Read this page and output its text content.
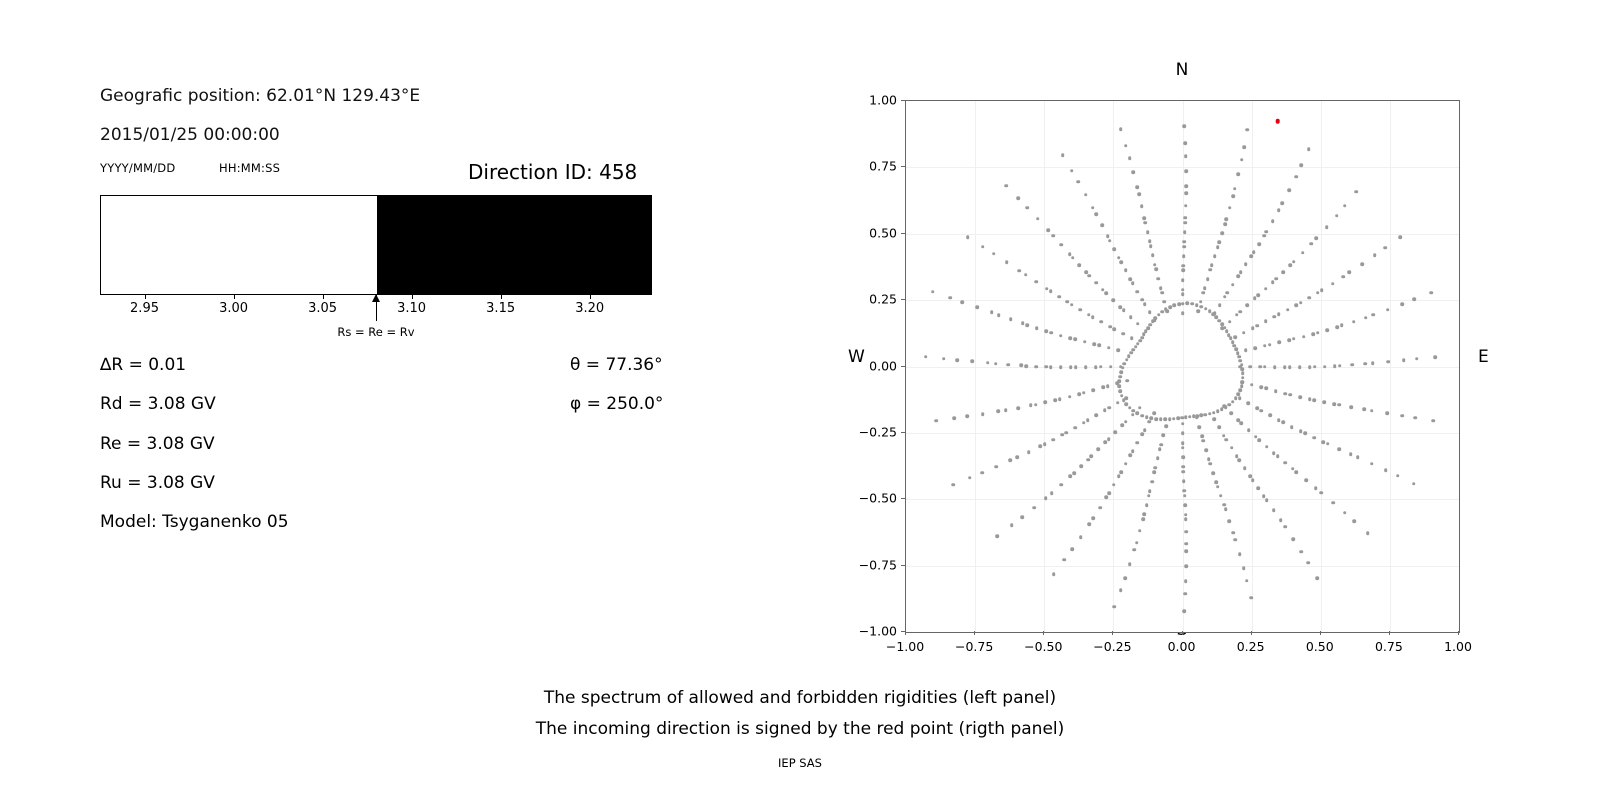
Geografic position: 62.01°N 129.43°E
2015/01/25 00:00:00
YYYY/MM/DD	HH:MM:SS	Direction ID: 458
2.95	3.00	3.05	3.10	3.15	3.20
Rs = Re = Rv
∆R = 0.01
Rd = 3.08 GV
Re = 3.08 GV
Ru = 3.08 GV
Model: Tsyganenko 05
θ = 77.36°
φ = 250.0°
N
W	E
−1.00 −0.75 −0.50 −0.25	0.00	0.25	0.50	0.75	1.00
−1.00
−0.75
−0.50
−0.25
0.00
0.25
0.50
0.75
1.00
The spectrum of allowed and forbidden rigidities (left panel)
The incoming direction is signed by the red point (rigth panel)
IEP SAS
